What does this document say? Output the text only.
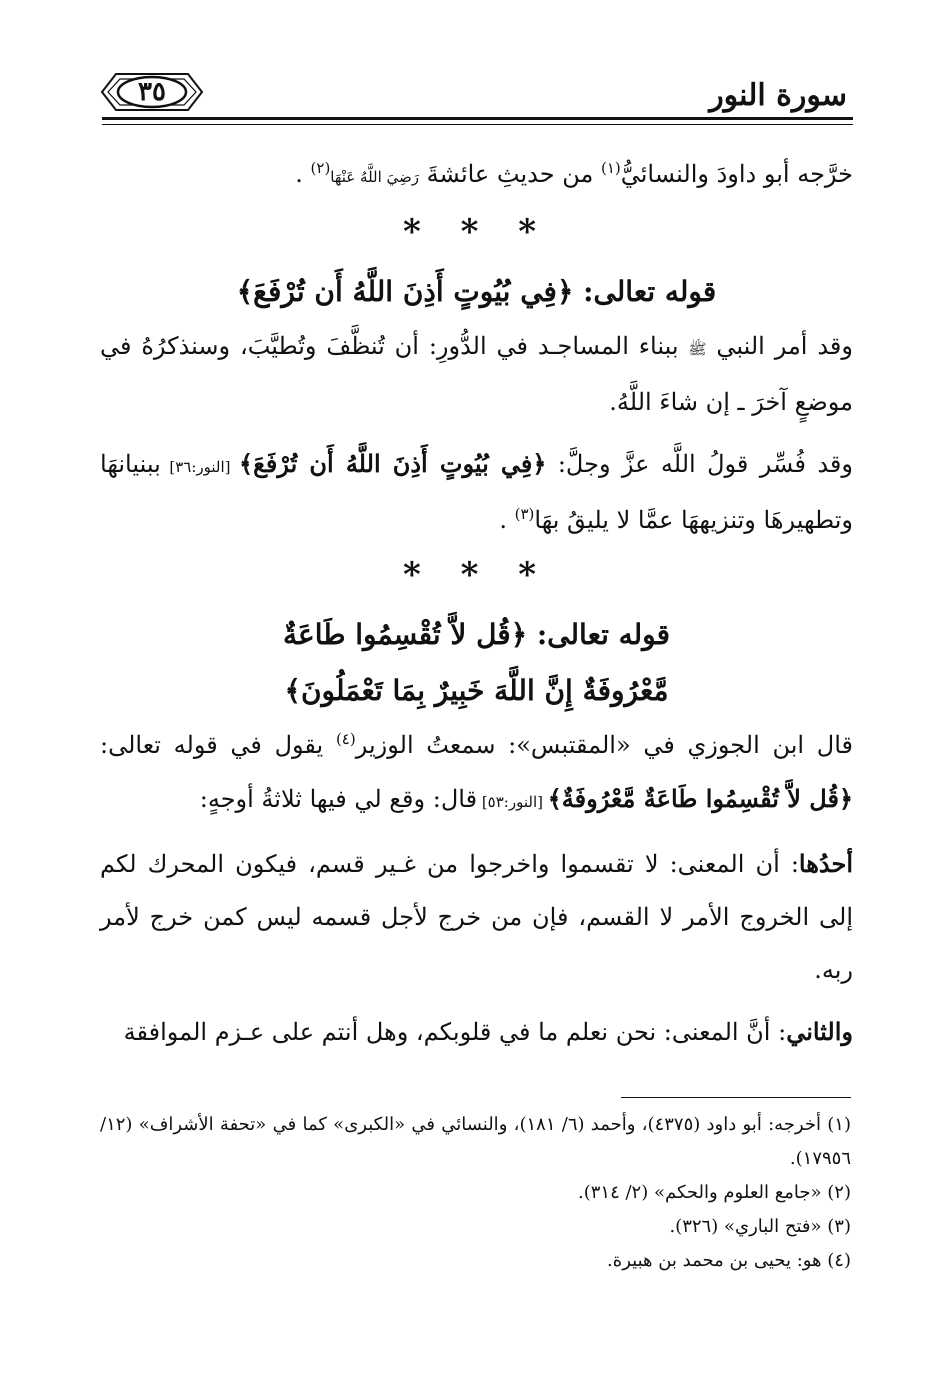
سورة النور
٣٥

خرَّجه أبو داودَ والنسائيُّ$^{(١)}$ من حديثِ عائشةَ رَضِيَ اللَّهُ عَنْهَا$^{(٢)}$ .

* * *

قوله تعالى: ﴿فِي بُيُوتٍ أَذِنَ اللَّهُ أَن تُرْفَعَ﴾

وقد أمر النبي ﷺ ببناء المساجـد في الدُّورِ: أن تُنظَّفَ وتُطيَّبَ، وسنذكرُهُ في موضعٍ آخرَ ـ إن شاءَ اللَّهُ.

وقد فُسِّر قولُ اللَّه عزَّ وجلَّ: ﴿فِي بُيُوتٍ أَذِنَ اللَّهُ أَن تُرْفَعَ﴾ [النور:٣٦] ببنيانهَا وتطهيرهَا وتنزيههَا عمَّا لا يليقُ بهَا$^{(٣)}$ .

* * *

قوله تعالى: ﴿قُل لاَّ تُقْسِمُوا طَاعَةٌ
مَّعْرُوفَةٌ إِنَّ اللَّهَ خَبِيرٌ بِمَا تَعْمَلُونَ﴾

قال ابن الجوزي في «المقتبس»: سمعتُ الوزير$^{(٤)}$ يقول في قوله تعالى: ﴿قُل لاَّ تُقْسِمُوا طَاعَةٌ مَّعْرُوفَةٌ﴾ [النور:٥٣] قال: وقع لي فيها ثلاثةُ أوجهٍ:

أحدُها: أن المعنى: لا تقسموا واخرجوا من غـير قسم، فيكون المحرك لكم إلى الخروج الأمر لا القسم، فإن من خرج لأجل قسمه ليس كمن خرج لأمر ربه.

والثاني: أنَّ المعنى: نحن نعلم ما في قلوبكم، وهل أنتم على عـزم الموافقة

(١) أخرجه: أبو داود (٤٣٧٥)، وأحمد (٦/ ١٨١)، والنسائي في «الكبرى» كما في «تحفة الأشراف» (١٢/ ١٧٩٥٦).

(٢) «جامع العلوم والحكم» (٢/ ٣١٤).

(٣) «فتح الباري» (٣٢٦).

(٤) هو: يحيى بن محمد بن هبيرة.
